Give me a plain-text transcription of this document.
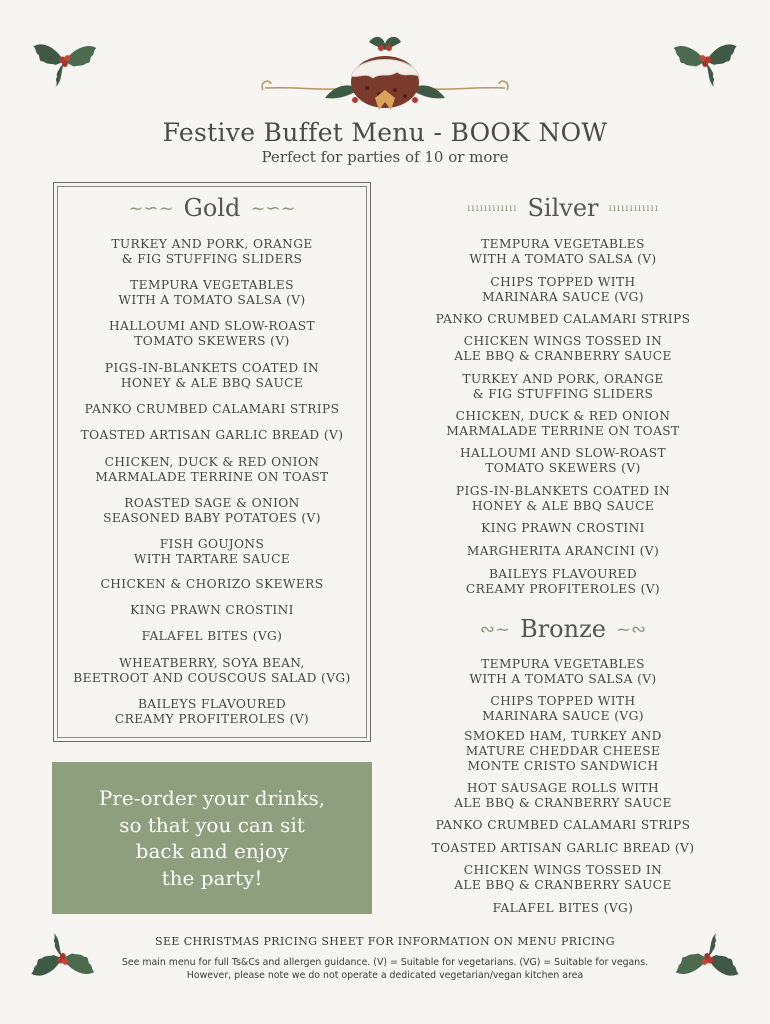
Festive Buffet Menu - BOOK NOW
Perfect for parties of 10 or more
~∽~ Gold ~∽~
TURKEY AND PORK, ORANGE
& FIG STUFFING SLIDERS
TEMPURA VEGETABLES
WITH A TOMATO SALSA (V)
HALLOUMI AND SLOW-ROAST
TOMATO SKEWERS (V)
PIGS-IN-BLANKETS COATED IN
HONEY & ALE BBQ SAUCE
PANKO CRUMBED CALAMARI STRIPS
TOASTED ARTISAN GARLIC BREAD (V)
CHICKEN, DUCK & RED ONION
MARMALADE TERRINE ON TOAST
ROASTED SAGE & ONION
SEASONED BABY POTATOES (V)
FISH GOUJONS
WITH TARTARE SAUCE
CHICKEN & CHORIZO SKEWERS
KING PRAWN CROSTINI
FALAFEL BITES (VG)
WHEATBERRY, SOYA BEAN,
BEETROOT AND COUSCOUS SALAD (VG)
BAILEYS FLAVOURED
CREAMY PROFITEROLES (V)
ıııııııııııı Silver ıııııııııııı
TEMPURA VEGETABLES
WITH A TOMATO SALSA (V)
CHIPS TOPPED WITH
MARINARA SAUCE (VG)
PANKO CRUMBED CALAMARI STRIPS
CHICKEN WINGS TOSSED IN
ALE BBQ & CRANBERRY SAUCE
TURKEY AND PORK, ORANGE
& FIG STUFFING SLIDERS
CHICKEN, DUCK & RED ONION
MARMALADE TERRINE ON TOAST
HALLOUMI AND SLOW-ROAST
TOMATO SKEWERS (V)
PIGS-IN-BLANKETS COATED IN
HONEY & ALE BBQ SAUCE
KING PRAWN CROSTINI
MARGHERITA ARANCINI (V)
BAILEYS FLAVOURED
CREAMY PROFITEROLES (V)
∾~ Bronze ~∾
TEMPURA VEGETABLES
WITH A TOMATO SALSA (V)
CHIPS TOPPED WITH
MARINARA SAUCE (VG)
SMOKED HAM, TURKEY AND
MATURE CHEDDAR CHEESE
MONTE CRISTO SANDWICH
HOT SAUSAGE ROLLS WITH
ALE BBQ & CRANBERRY SAUCE
PANKO CRUMBED CALAMARI STRIPS
TOASTED ARTISAN GARLIC BREAD (V)
CHICKEN WINGS TOSSED IN
ALE BBQ & CRANBERRY SAUCE
FALAFEL BITES (VG)
Pre-order your drinks,
so that you can sit
back and enjoy
the party!
SEE CHRISTMAS PRICING SHEET FOR INFORMATION ON MENU PRICING
See main menu for full Ts&Cs and allergen guidance. (V) = Suitable for vegetarians. (VG) = Suitable for vegans.
However, please note we do not operate a dedicated vegetarian/vegan kitchen area
